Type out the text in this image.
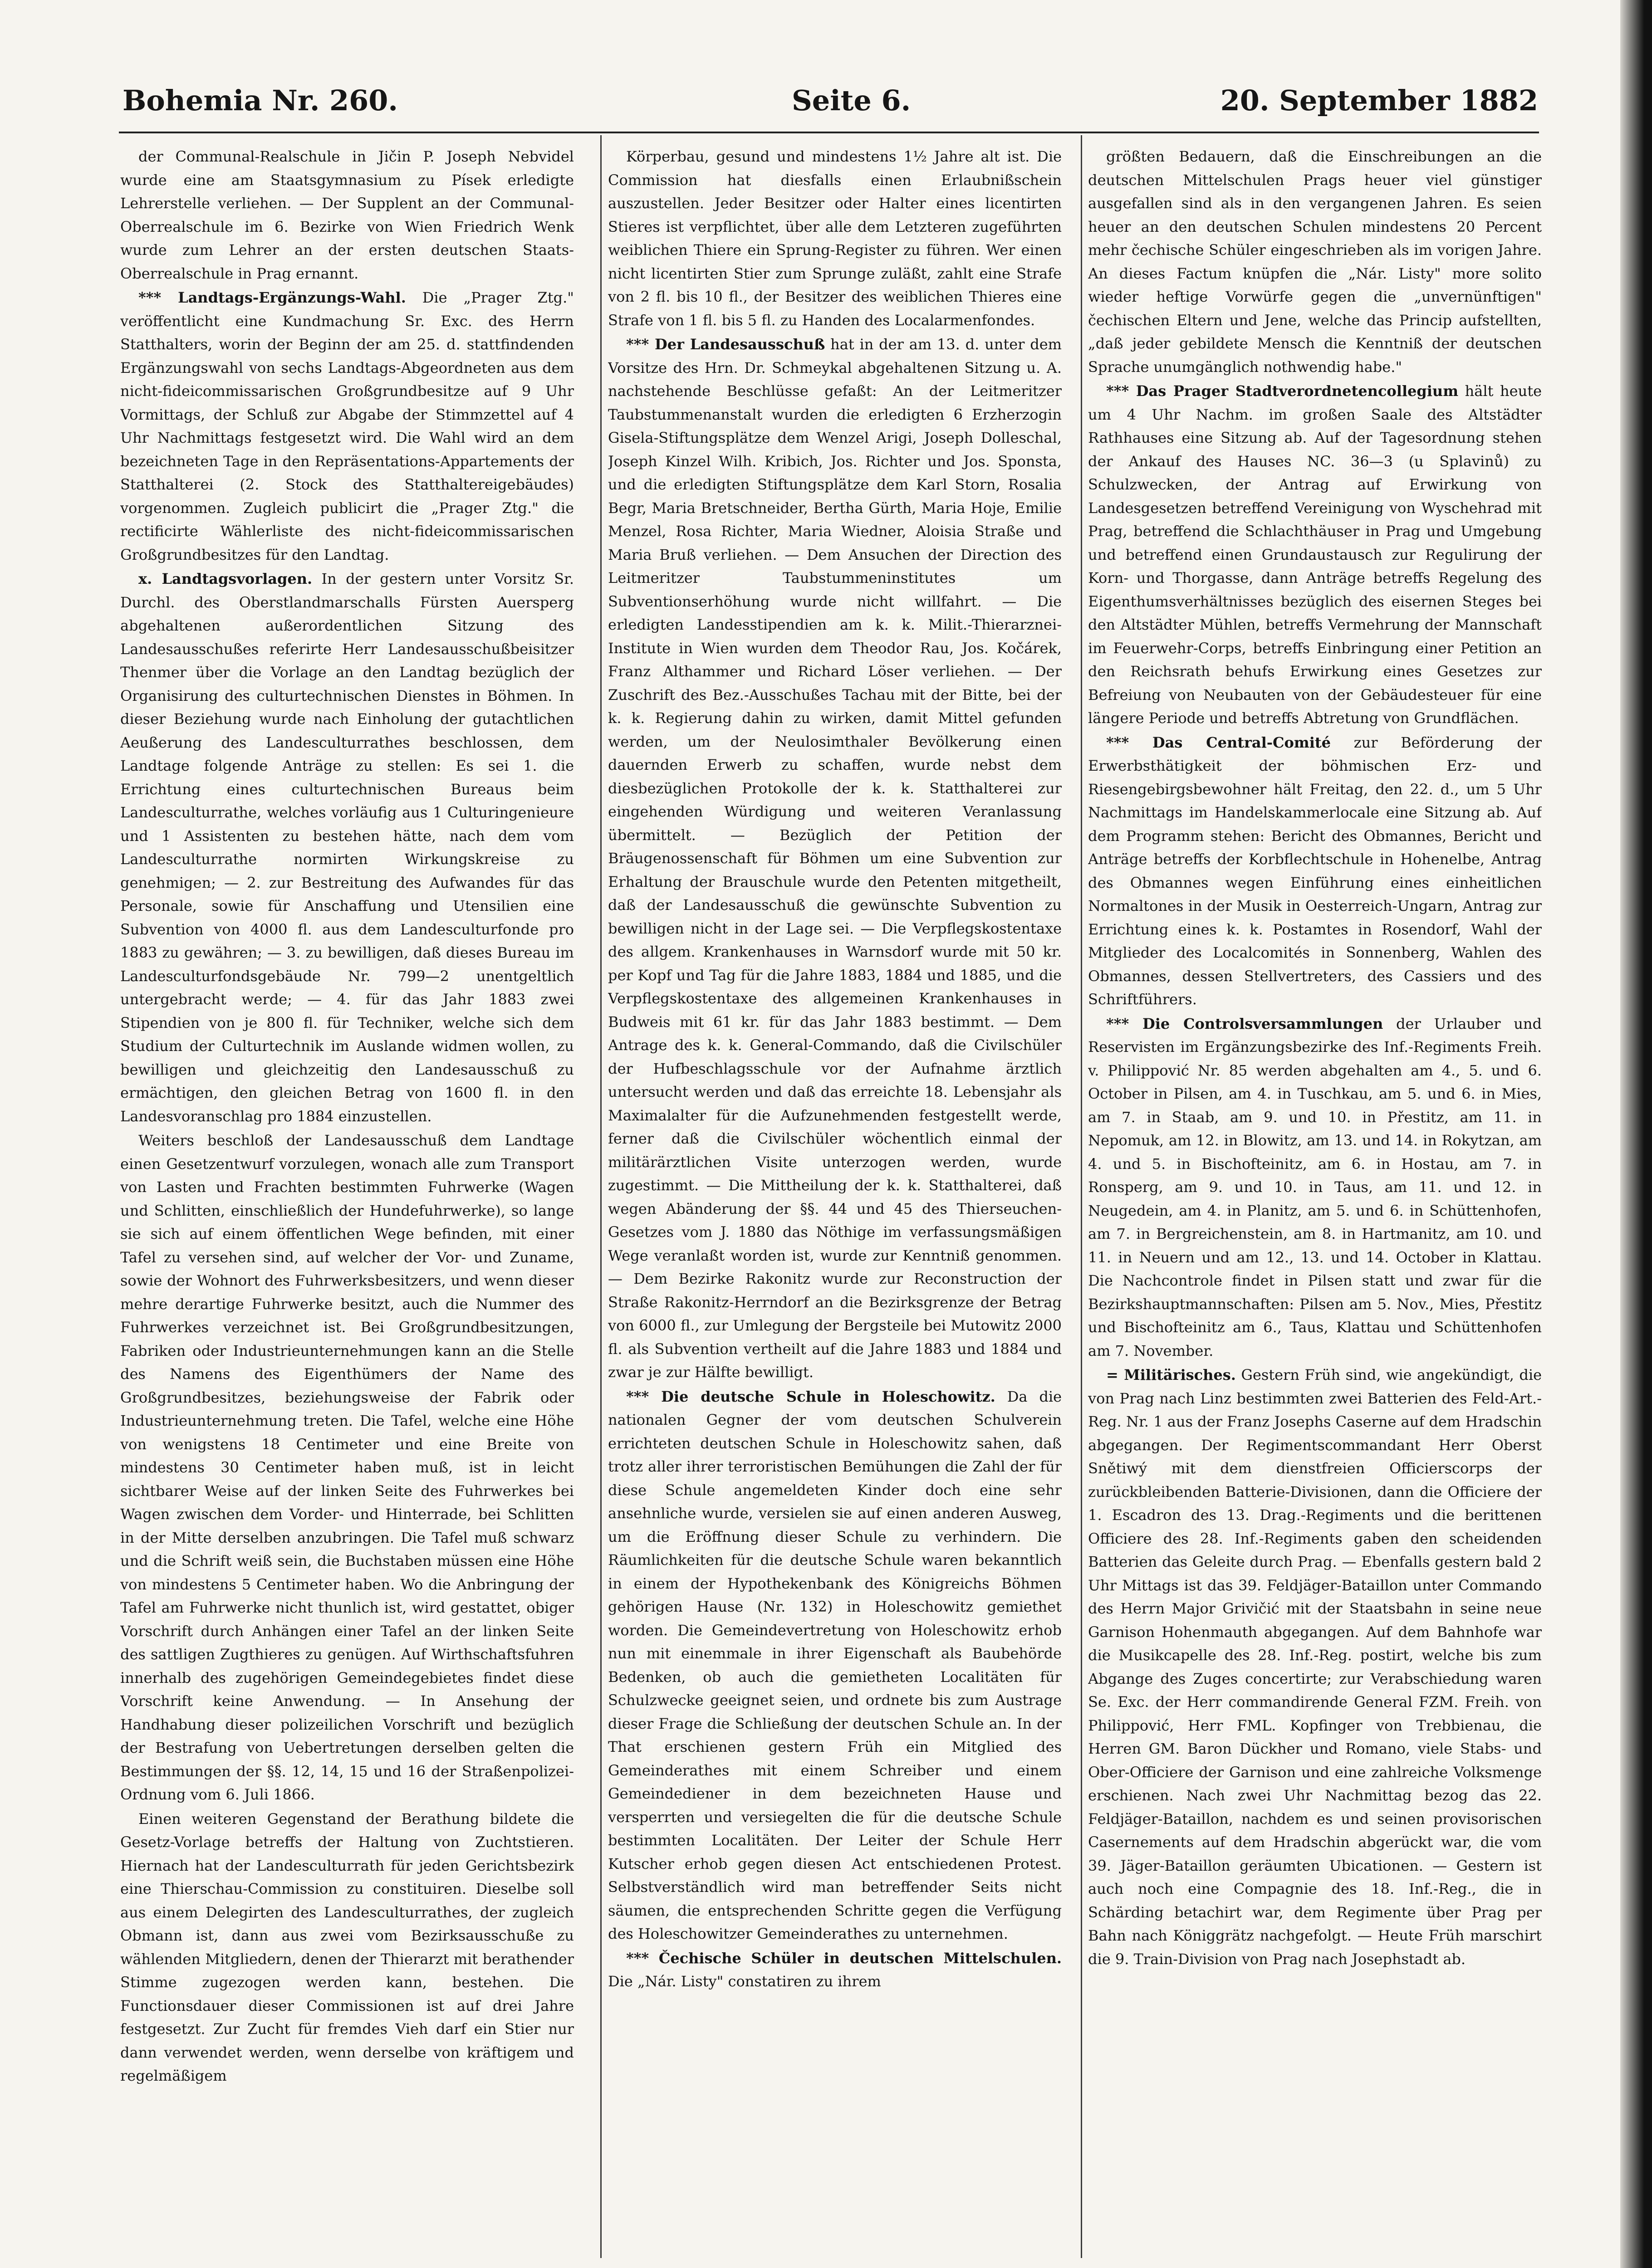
Bohemia Nr. 260.	Seite 6.	20. September 1882

der Communal-Realschule in Jičin P. Joseph Nebvidel wurde eine am Staatsgymnasium zu Písek erledigte Lehrerstelle verliehen. — Der Supplent an der Communal-Oberrealschule im 6. Bezirke von Wien Friedrich Wenk wurde zum Lehrer an der ersten deutschen Staats-Oberrealschule in Prag ernannt.

*** Landtags-Ergänzungs-Wahl. Die „Prager Ztg." veröffentlicht eine Kundmachung Sr. Exc. des Herrn Statthalters, worin der Beginn der am 25. d. stattfindenden Ergänzungswahl von sechs Landtags-Abgeordneten aus dem nicht-fideicommissarischen Großgrundbesitze auf 9 Uhr Vormittags, der Schluß zur Abgabe der Stimmzettel auf 4 Uhr Nachmittags festgesetzt wird. Die Wahl wird an dem bezeichneten Tage in den Repräsentations-Appartements der Statthalterei (2. Stock des Statthaltereigebäudes) vorgenommen. Zugleich publicirt die „Prager Ztg." die rectificirte Wählerliste des nicht-fideicommissarischen Großgrundbesitzes für den Landtag.

x. Landtagsvorlagen. In der gestern unter Vorsitz Sr. Durchl. des Oberstlandmarschalls Fürsten Auersperg abgehaltenen außerordentlichen Sitzung des Landesausschußes referirte Herr Landesausschußbeisitzer Thenmer über die Vorlage an den Landtag bezüglich der Organisirung des culturtechnischen Dienstes in Böhmen. In dieser Beziehung wurde nach Einholung der gutachtlichen Aeußerung des Landesculturrathes beschlossen, dem Landtage folgende Anträge zu stellen: Es sei 1. die Errichtung eines culturtechnischen Bureaus beim Landesculturrathe, welches vorläufig aus 1 Culturingenieure und 1 Assistenten zu bestehen hätte, nach dem vom Landesculturrathe normirten Wirkungskreise zu genehmigen; — 2. zur Bestreitung des Aufwandes für das Personale, sowie für Anschaffung und Utensilien eine Subvention von 4000 fl. aus dem Landesculturfonde pro 1883 zu gewähren; — 3. zu bewilligen, daß dieses Bureau im Landesculturfondsgebäude Nr. 799—2 unentgeltlich untergebracht werde; — 4. für das Jahr 1883 zwei Stipendien von je 800 fl. für Techniker, welche sich dem Studium der Culturtechnik im Auslande widmen wollen, zu bewilligen und gleichzeitig den Landesausschuß zu ermächtigen, den gleichen Betrag von 1600 fl. in den Landesvoranschlag pro 1884 einzustellen.

Weiters beschloß der Landesausschuß dem Landtage einen Gesetzentwurf vorzulegen, wonach alle zum Transport von Lasten und Frachten bestimmten Fuhrwerke (Wagen und Schlitten, einschließlich der Hundefuhrwerke), so lange sie sich auf einem öffentlichen Wege befinden, mit einer Tafel zu versehen sind, auf welcher der Vor- und Zuname, sowie der Wohnort des Fuhrwerksbesitzers, und wenn dieser mehre derartige Fuhrwerke besitzt, auch die Nummer des Fuhrwerkes verzeichnet ist. Bei Großgrundbesitzungen, Fabriken oder Industrieunternehmungen kann an die Stelle des Namens des Eigenthümers der Name des Großgrundbesitzes, beziehungsweise der Fabrik oder Industrieunternehmung treten. Die Tafel, welche eine Höhe von wenigstens 18 Centimeter und eine Breite von mindestens 30 Centimeter haben muß, ist in leicht sichtbarer Weise auf der linken Seite des Fuhrwerkes bei Wagen zwischen dem Vorder- und Hinterrade, bei Schlitten in der Mitte derselben anzubringen. Die Tafel muß schwarz und die Schrift weiß sein, die Buchstaben müssen eine Höhe von mindestens 5 Centimeter haben. Wo die Anbringung der Tafel am Fuhrwerke nicht thunlich ist, wird gestattet, obiger Vorschrift durch Anhängen einer Tafel an der linken Seite des sattligen Zugthieres zu genügen. Auf Wirthschaftsfuhren innerhalb des zugehörigen Gemeindegebietes findet diese Vorschrift keine Anwendung. — In Ansehung der Handhabung dieser polizeilichen Vorschrift und bezüglich der Bestrafung von Uebertretungen derselben gelten die Bestimmungen der §§. 12, 14, 15 und 16 der Straßenpolizei-Ordnung vom 6. Juli 1866.

Einen weiteren Gegenstand der Berathung bildete die Gesetz-Vorlage betreffs der Haltung von Zuchtstieren. Hiernach hat der Landesculturrath für jeden Gerichtsbezirk eine Thierschau-Commission zu constituiren. Dieselbe soll aus einem Delegirten des Landesculturrathes, der zugleich Obmann ist, dann aus zwei vom Bezirksausschuße zu wählenden Mitgliedern, denen der Thierarzt mit berathender Stimme zugezogen werden kann, bestehen. Die Functionsdauer dieser Commissionen ist auf drei Jahre festgesetzt. Zur Zucht für fremdes Vieh darf ein Stier nur dann verwendet werden, wenn derselbe von kräftigem und regelmäßigem

Körperbau, gesund und mindestens 1½ Jahre alt ist. Die Commission hat diesfalls einen Erlaubnißschein auszustellen. Jeder Besitzer oder Halter eines licentirten Stieres ist verpflichtet, über alle dem Letzteren zugeführten weiblichen Thiere ein Sprung-Register zu führen. Wer einen nicht licentirten Stier zum Sprunge zuläßt, zahlt eine Strafe von 2 fl. bis 10 fl., der Besitzer des weiblichen Thieres eine Strafe von 1 fl. bis 5 fl. zu Handen des Localarmenfondes.

*** Der Landesausschuß hat in der am 13. d. unter dem Vorsitze des Hrn. Dr. Schmeykal abgehaltenen Sitzung u. A. nachstehende Beschlüsse gefaßt: An der Leitmeritzer Taubstummenanstalt wurden die erledigten 6 Erzherzogin Gisela-Stiftungsplätze dem Wenzel Arigi, Joseph Dolleschal, Joseph Kinzel Wilh. Kribich, Jos. Richter und Jos. Sponsta, und die erledigten Stiftungsplätze dem Karl Storn, Rosalia Begr, Maria Bretschneider, Bertha Gürth, Maria Hoje, Emilie Menzel, Rosa Richter, Maria Wiedner, Aloisia Straße und Maria Bruß verliehen. — Dem Ansuchen der Direction des Leitmeritzer Taubstummeninstitutes um Subventionserhöhung wurde nicht willfahrt. — Die erledigten Landesstipendien am k. k. Milit.-Thierarznei-Institute in Wien wurden dem Theodor Rau, Jos. Kočárek, Franz Althammer und Richard Löser verliehen. — Der Zuschrift des Bez.-Ausschußes Tachau mit der Bitte, bei der k. k. Regierung dahin zu wirken, damit Mittel gefunden werden, um der Neulosimthaler Bevölkerung einen dauernden Erwerb zu schaffen, wurde nebst dem diesbezüglichen Protokolle der k. k. Statthalterei zur eingehenden Würdigung und weiteren Veranlassung übermittelt. — Bezüglich der Petition der Bräugenossenschaft für Böhmen um eine Subvention zur Erhaltung der Brauschule wurde den Petenten mitgetheilt, daß der Landesausschuß die gewünschte Subvention zu bewilligen nicht in der Lage sei. — Die Verpflegskostentaxe des allgem. Krankenhauses in Warnsdorf wurde mit 50 kr. per Kopf und Tag für die Jahre 1883, 1884 und 1885, und die Verpflegskostentaxe des allgemeinen Krankenhauses in Budweis mit 61 kr. für das Jahr 1883 bestimmt. — Dem Antrage des k. k. General-Commando, daß die Civilschüler der Hufbeschlagsschule vor der Aufnahme ärztlich untersucht werden und daß das erreichte 18. Lebensjahr als Maximalalter für die Aufzunehmenden festgestellt werde, ferner daß die Civilschüler wöchentlich einmal der militärärztlichen Visite unterzogen werden, wurde zugestimmt. — Die Mittheilung der k. k. Statthalterei, daß wegen Abänderung der §§. 44 und 45 des Thierseuchen-Gesetzes vom J. 1880 das Nöthige im verfassungsmäßigen Wege veranlaßt worden ist, wurde zur Kenntniß genommen. — Dem Bezirke Rakonitz wurde zur Reconstruction der Straße Rakonitz-Herrndorf an die Bezirksgrenze der Betrag von 6000 fl., zur Umlegung der Bergsteile bei Mutowitz 2000 fl. als Subvention vertheilt auf die Jahre 1883 und 1884 und zwar je zur Hälfte bewilligt.

*** Die deutsche Schule in Holeschowitz. Da die nationalen Gegner der vom deutschen Schulverein errichteten deutschen Schule in Holeschowitz sahen, daß trotz aller ihrer terroristischen Bemühungen die Zahl der für diese Schule angemeldeten Kinder doch eine sehr ansehnliche wurde, versielen sie auf einen anderen Ausweg, um die Eröffnung dieser Schule zu verhindern. Die Räumlichkeiten für die deutsche Schule waren bekanntlich in einem der Hypothekenbank des Königreichs Böhmen gehörigen Hause (Nr. 132) in Holeschowitz gemiethet worden. Die Gemeindevertretung von Holeschowitz erhob nun mit einemmale in ihrer Eigenschaft als Baubehörde Bedenken, ob auch die gemietheten Localitäten für Schulzwecke geeignet seien, und ordnete bis zum Austrage dieser Frage die Schließung der deutschen Schule an. In der That erschienen gestern Früh ein Mitglied des Gemeinderathes mit einem Schreiber und einem Gemeindediener in dem bezeichneten Hause und versperrten und versiegelten die für die deutsche Schule bestimmten Localitäten. Der Leiter der Schule Herr Kutscher erhob gegen diesen Act entschiedenen Protest. Selbstverständlich wird man betreffender Seits nicht säumen, die entsprechenden Schritte gegen die Verfügung des Holeschowitzer Gemeinderathes zu unternehmen.

*** Čechische Schüler in deutschen Mittelschulen. Die „Nár. Listy" constatiren zu ihrem

größten Bedauern, daß die Einschreibungen an die deutschen Mittelschulen Prags heuer viel günstiger ausgefallen sind als in den vergangenen Jahren. Es seien heuer an den deutschen Schulen mindestens 20 Percent mehr čechische Schüler eingeschrieben als im vorigen Jahre. An dieses Factum knüpfen die „Nár. Listy" more solito wieder heftige Vorwürfe gegen die „unvernünftigen" čechischen Eltern und Jene, welche das Princip aufstellten, „daß jeder gebildete Mensch die Kenntniß der deutschen Sprache unumgänglich nothwendig habe."

*** Das Prager Stadtverordnetencollegium hält heute um 4 Uhr Nachm. im großen Saale des Altstädter Rathhauses eine Sitzung ab. Auf der Tagesordnung stehen der Ankauf des Hauses NC. 36—3 (u Splavinů) zu Schulzwecken, der Antrag auf Erwirkung von Landesgesetzen betreffend Vereinigung von Wyschehrad mit Prag, betreffend die Schlachthäuser in Prag und Umgebung und betreffend einen Grundaustausch zur Regulirung der Korn- und Thorgasse, dann Anträge betreffs Regelung des Eigenthumsverhältnisses bezüglich des eisernen Steges bei den Altstädter Mühlen, betreffs Vermehrung der Mannschaft im Feuerwehr-Corps, betreffs Einbringung einer Petition an den Reichsrath behufs Erwirkung eines Gesetzes zur Befreiung von Neubauten von der Gebäudesteuer für eine längere Periode und betreffs Abtretung von Grundflächen.

*** Das Central-Comité zur Beförderung der Erwerbsthätigkeit der böhmischen Erz- und Riesengebirgsbewohner hält Freitag, den 22. d., um 5 Uhr Nachmittags im Handelskammerlocale eine Sitzung ab. Auf dem Programm stehen: Bericht des Obmannes, Bericht und Anträge betreffs der Korbflechtschule in Hohenelbe, Antrag des Obmannes wegen Einführung eines einheitlichen Normaltones in der Musik in Oesterreich-Ungarn, Antrag zur Errichtung eines k. k. Postamtes in Rosendorf, Wahl der Mitglieder des Localcomités in Sonnenberg, Wahlen des Obmannes, dessen Stellvertreters, des Cassiers und des Schriftführers.

*** Die Controlsversammlungen der Urlauber und Reservisten im Ergänzungsbezirke des Inf.-Regiments Freih. v. Philippović Nr. 85 werden abgehalten am 4., 5. und 6. October in Pilsen, am 4. in Tuschkau, am 5. und 6. in Mies, am 7. in Staab, am 9. und 10. in Přestitz, am 11. in Nepomuk, am 12. in Blowitz, am 13. und 14. in Rokytzan, am 4. und 5. in Bischofteinitz, am 6. in Hostau, am 7. in Ronsperg, am 9. und 10. in Taus, am 11. und 12. in Neugedein, am 4. in Planitz, am 5. und 6. in Schüttenhofen, am 7. in Bergreichenstein, am 8. in Hartmanitz, am 10. und 11. in Neuern und am 12., 13. und 14. October in Klattau. Die Nachcontrole findet in Pilsen statt und zwar für die Bezirkshauptmannschaften: Pilsen am 5. Nov., Mies, Přestitz und Bischofteinitz am 6., Taus, Klattau und Schüttenhofen am 7. November.

= Militärisches. Gestern Früh sind, wie angekündigt, die von Prag nach Linz bestimmten zwei Batterien des Feld-Art.-Reg. Nr. 1 aus der Franz Josephs Caserne auf dem Hradschin abgegangen. Der Regimentscommandant Herr Oberst Snětiwý mit dem dienstfreien Officierscorps der zurückbleibenden Batterie-Divisionen, dann die Officiere der 1. Escadron des 13. Drag.-Regiments und die berittenen Officiere des 28. Inf.-Regiments gaben den scheidenden Batterien das Geleite durch Prag. — Ebenfalls gestern bald 2 Uhr Mittags ist das 39. Feldjäger-Bataillon unter Commando des Herrn Major Grivičić mit der Staatsbahn in seine neue Garnison Hohenmauth abgegangen. Auf dem Bahnhofe war die Musikcapelle des 28. Inf.-Reg. postirt, welche bis zum Abgange des Zuges concertirte; zur Verabschiedung waren Se. Exc. der Herr commandirende General FZM. Freih. von Philippović, Herr FML. Kopfinger von Trebbienau, die Herren GM. Baron Dückher und Romano, viele Stabs- und Ober-Officiere der Garnison und eine zahlreiche Volksmenge erschienen. Nach zwei Uhr Nachmittag bezog das 22. Feldjäger-Bataillon, nachdem es und seinen provisorischen Casernements auf dem Hradschin abgerückt war, die vom 39. Jäger-Bataillon geräumten Ubicationen. — Gestern ist auch noch eine Compagnie des 18. Inf.-Reg., die in Schärding betachirt war, dem Regimente über Prag per Bahn nach Königgrätz nachgefolgt. — Heute Früh marschirt die 9. Train-Division von Prag nach Josephstadt ab.
